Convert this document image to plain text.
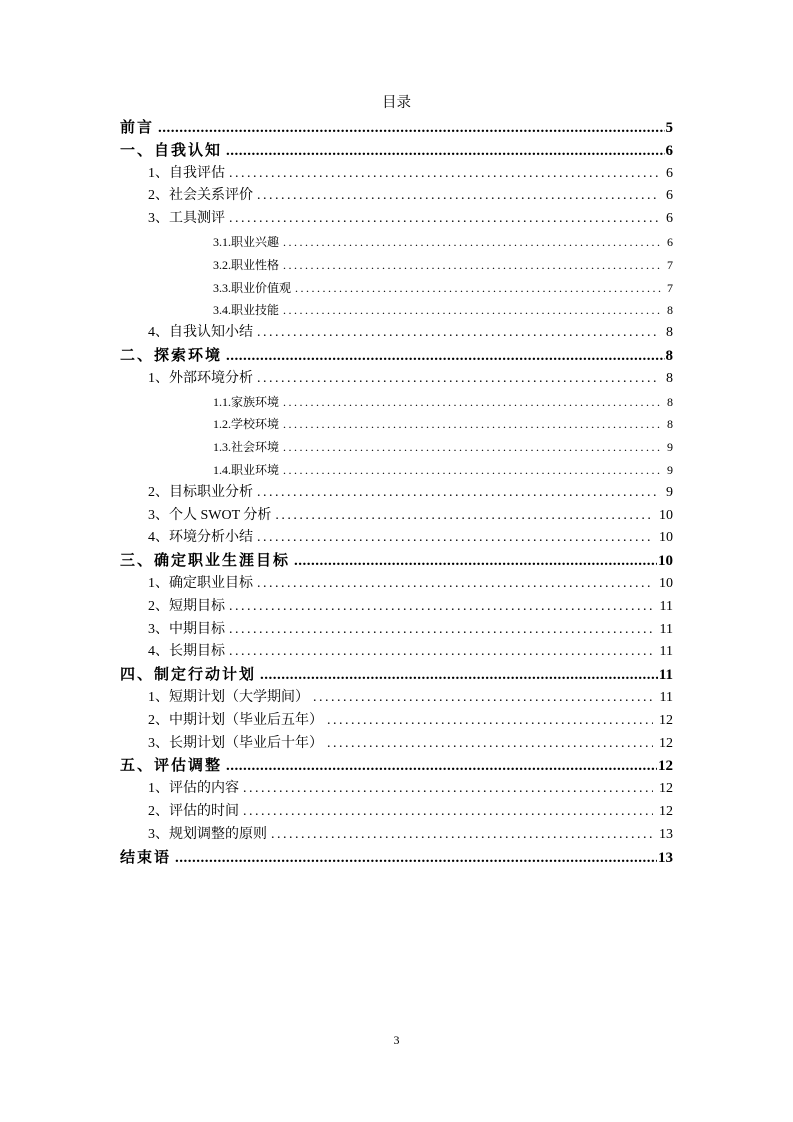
目录
前言 .....	5
一、自我认知 .....	6
1、自我评估 .....	6
2、社会关系评价 .....	6
3、工具测评 .....	6
3.1.职业兴趣 .....	6
3.2.职业性格 .....	7
3.3.职业价值观 .....	7
3.4.职业技能 .....	8
4、自我认知小结 .....	8
二、探索环境 .....	8
1、外部环境分析 .....	8
1.1.家族环境 .....	8
1.2.学校环境 .....	8
1.3.社会环境 .....	9
1.4.职业环境 .....	9
2、目标职业分析 .....	9
3、个人 SWOT 分析 .....	10
4、环境分析小结 .....	10
三、确定职业生涯目标 .....	10
1、确定职业目标 .....	10
2、短期目标 .....	11
3、中期目标 .....	11
4、长期目标 .....	11
四、制定行动计划 .....	11
1、短期计划（大学期间） .....	11
2、中期计划（毕业后五年） .....	12
3、长期计划（毕业后十年） .....	12
五、评估调整 .....	12
1、评估的内容 .....	12
2、评估的时间 .....	12
3、规划调整的原则 .....	13
结束语 .....	13
3
